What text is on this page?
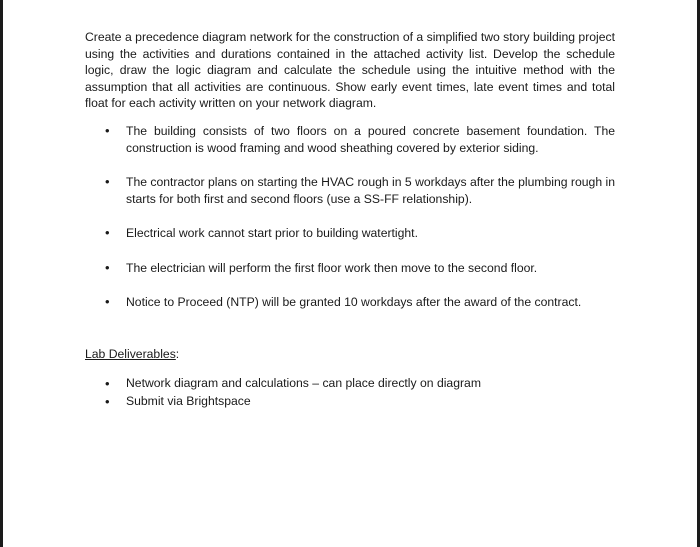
Create a precedence diagram network for the construction of a simplified two story building project using the activities and durations contained in the attached activity list. Develop the schedule logic, draw the logic diagram and calculate the schedule using the intuitive method with the assumption that all activities are continuous. Show early event times, late event times and total float for each activity written on your network diagram.

• The building consists of two floors on a poured concrete basement foundation. The construction is wood framing and wood sheathing covered by exterior siding.
• The contractor plans on starting the HVAC rough in 5 workdays after the plumbing rough in starts for both first and second floors (use a SS-FF relationship).
• Electrical work cannot start prior to building watertight.
• The electrician will perform the first floor work then move to the second floor.
• Notice to Proceed (NTP) will be granted 10 workdays after the award of the contract.

Lab Deliverables:

• Network diagram and calculations – can place directly on diagram
• Submit via Brightspace
